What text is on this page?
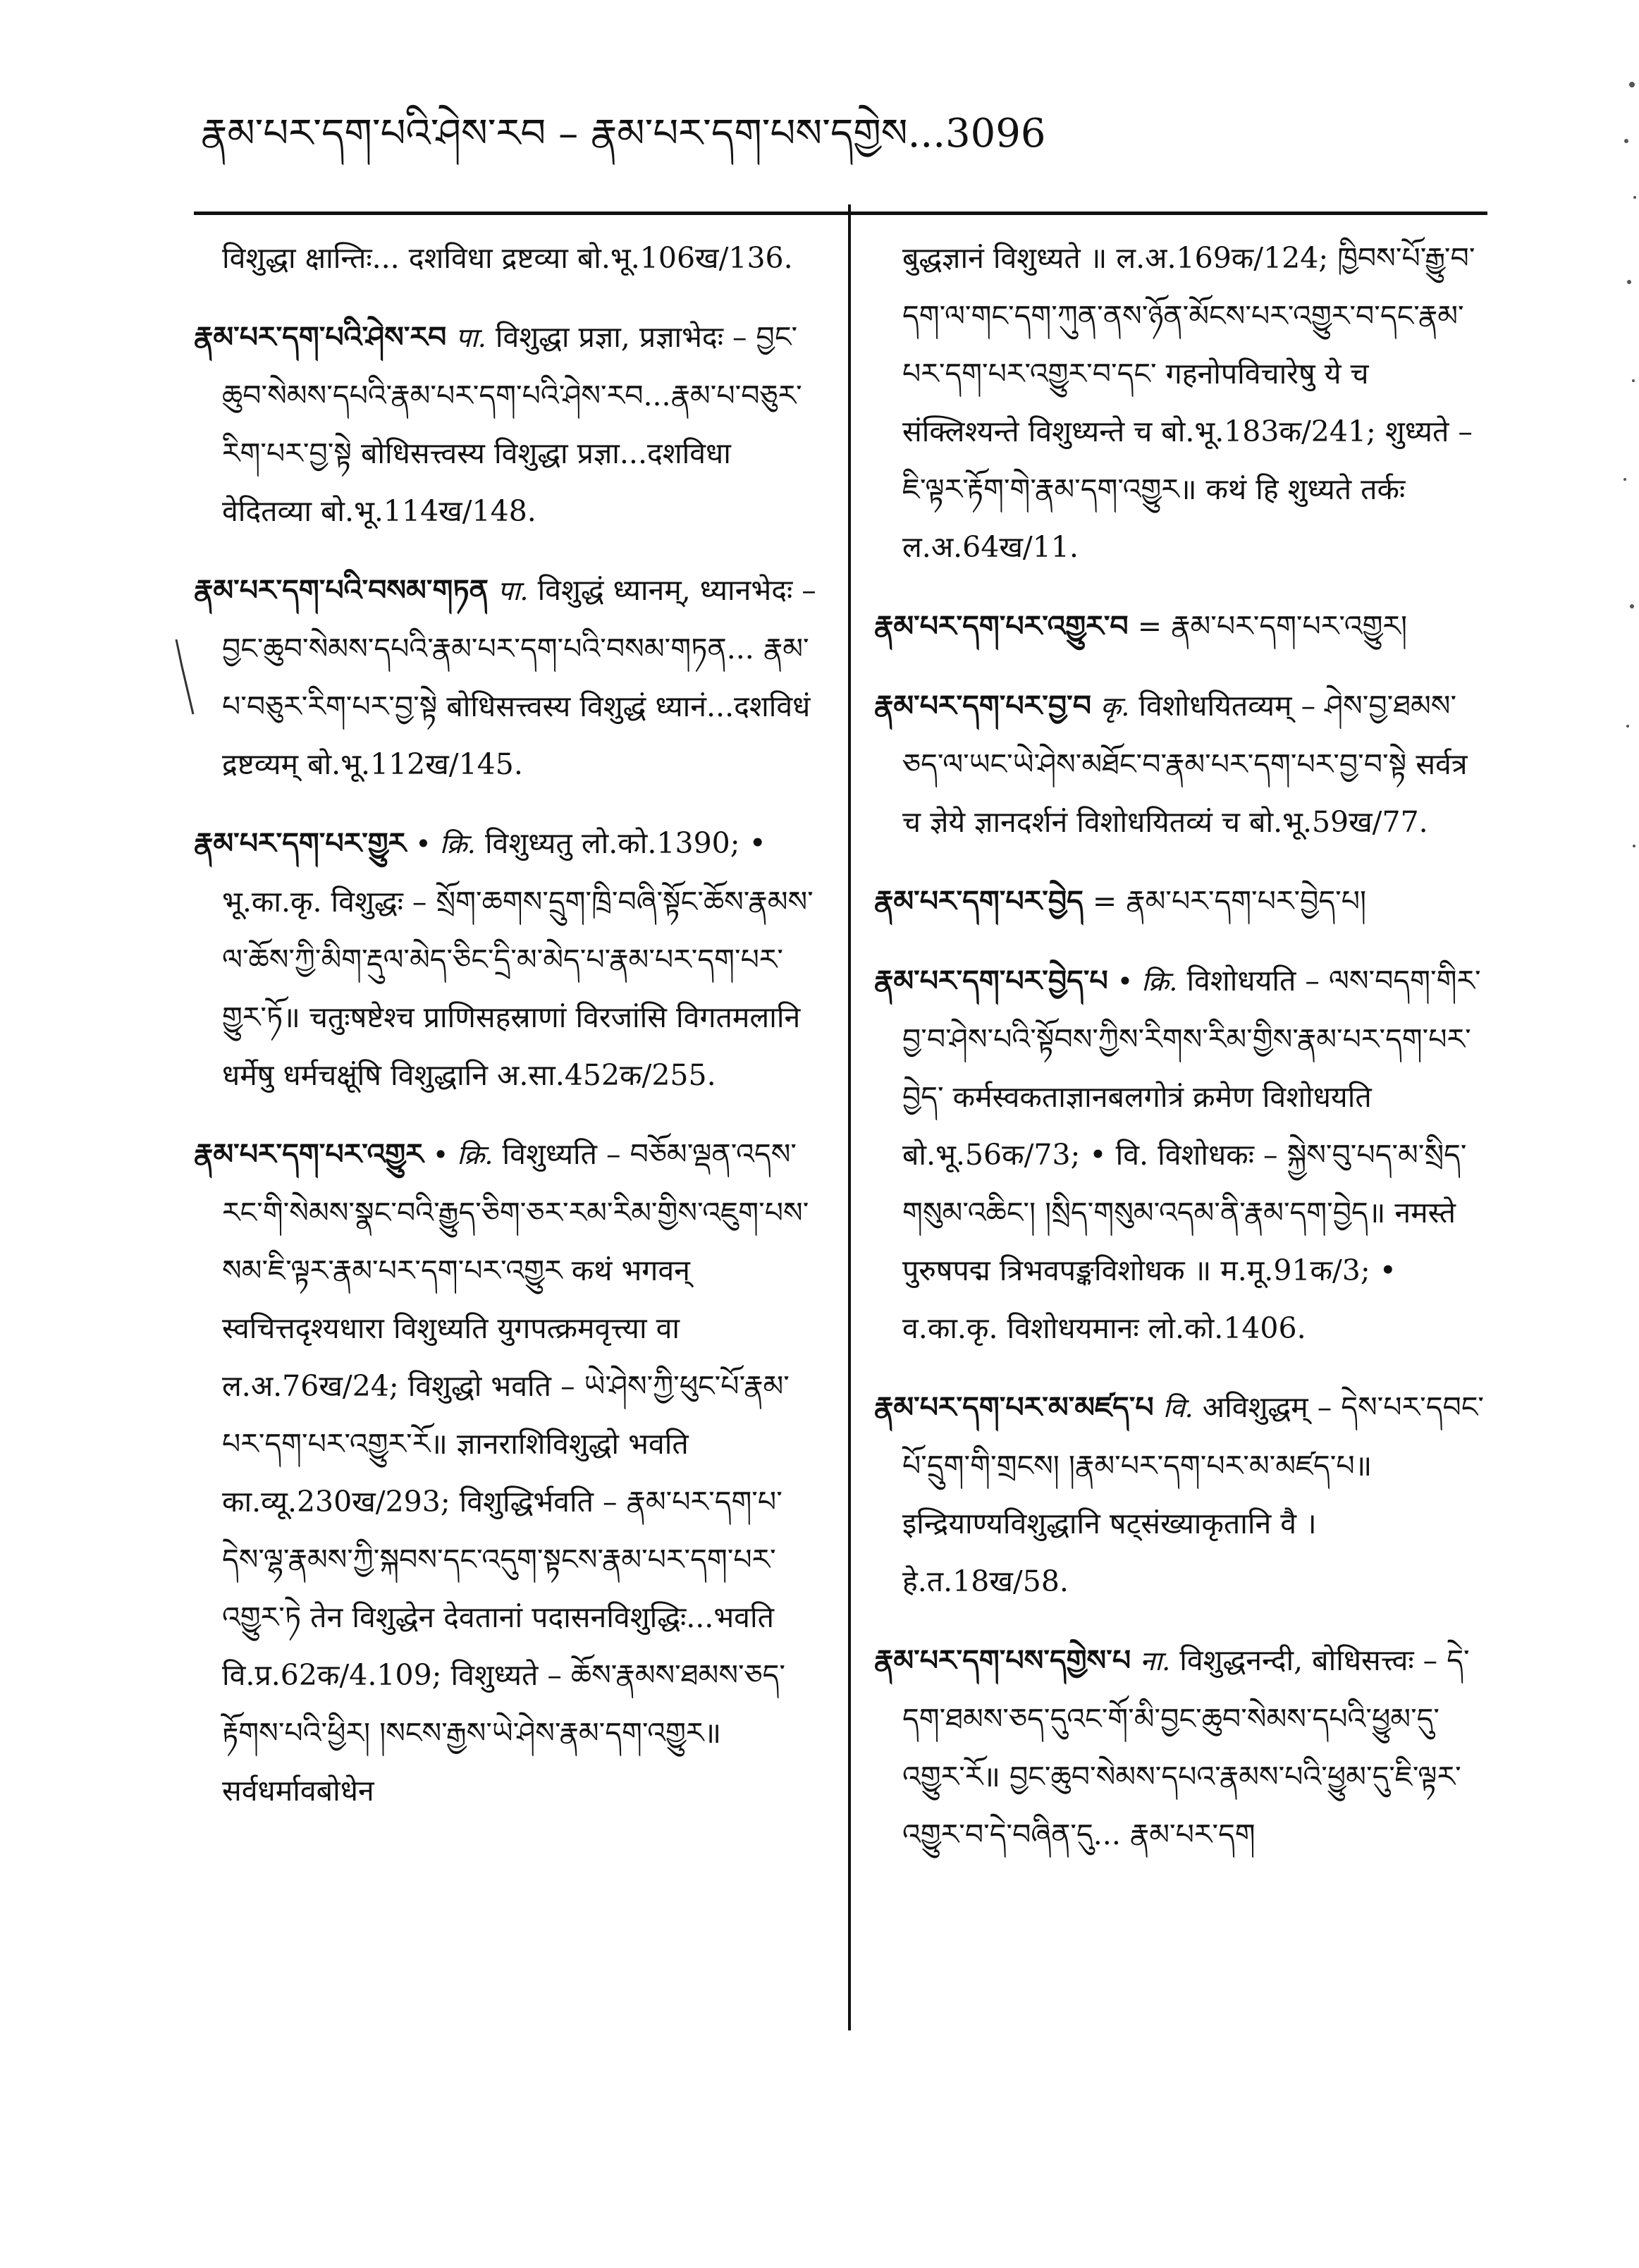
རྣམ་པར་དག་པའི་ཤེས་རབ – རྣམ་པར་དག་པས་དགྱེས...3096
विशुद्धा क्षान्तिः... दशविधा द्रष्टव्या बो.भू.106ख/136.
རྣམ་པར་དག་པའི་ཤེས་རབ पा. विशुद्धा प्रज्ञा, प्रज्ञाभेदः – བྱང་ཆུབ་སེམས་དཔའི་རྣམ་པར་དག་པའི་ཤེས་རབ...རྣམ་པ་བཅུར་རིག་པར་བྱ་སྟེ बोधिसत्त्वस्य विशुद्धा प्रज्ञा...दशविधा वेदितव्या बो.भू.114ख/148.
རྣམ་པར་དག་པའི་བསམ་གཏན पा. विशुद्धं ध्यानम्, ध्यानभेदः – བྱང་ཆུབ་སེམས་དཔའི་རྣམ་པར་དག་པའི་བསམ་གཏན... རྣམ་པ་བཅུར་རིག་པར་བྱ་སྟེ बोधिसत्त्वस्य विशुद्धं ध्यानं...दशविधं द्रष्टव्यम् बो.भू.112ख/145.
རྣམ་པར་དག་པར་གྱུར • क्रि. विशुध्यतु लो.को.1390; • भू.का.कृ. विशुद्धः – སྲོག་ཆགས་དྲུག་ཁྲི་བཞི་སྟོང་ཆོས་རྣམས་ལ་ཆོས་ཀྱི་མིག་རྡུལ་མེད་ཅིང་དྲི་མ་མེད་པ་རྣམ་པར་དག་པར་གྱུར་ཏོ॥ चतुःषष्टेश्च प्राणिसहस्राणां विरजांसि विगतमलानि धर्मेषु धर्मचक्षूंषि विशुद्धानि अ.सा.452क/255.
རྣམ་པར་དག་པར་འགྱུར • क्रि. विशुध्यति – བཅོམ་ལྡན་འདས་རང་གི་སེམས་སྣང་བའི་རྒྱུད་ཅིག་ཅར་རམ་རིམ་གྱིས་འཇུག་པས་སམ་ཇི་ལྟར་རྣམ་པར་དག་པར་འགྱུར कथं भगवन् स्वचित्तदृश्यधारा विशुध्यति युगपत्क्रमवृत्त्या वा ल.अ.76ख/24; विशुद्धो भवति – ཡེ་ཤེས་ཀྱི་ཕུང་པོ་རྣམ་པར་དག་པར་འགྱུར་རོ॥ ज्ञानराशिविशुद्धो भवति का.व्यू.230ख/293; विशुद्धिर्भवति – རྣམ་པར་དག་པ་དེས་ལྷ་རྣམས་ཀྱི་སྐབས་དང་འདུག་སྟངས་རྣམ་པར་དག་པར་འགྱུར་ཏེ तेन विशुद्धेन देवतानां पदासनविशुद्धिः...भवति वि.प्र.62क/4.109; विशुध्यते – ཆོས་རྣམས་ཐམས་ཅད་རྟོགས་པའི་ཕྱིར། །སངས་རྒྱས་ཡེ་ཤེས་རྣམ་དག་འགྱུར॥ सर्वधर्मावबोधेन
बुद्धज्ञानं विशुध्यते ॥ ल.अ.169क/124; ཁྱིབས་པོ་རྒྱུ་བ་དག་ལ་གང་དག་ཀུན་ནས་ཉོན་མོངས་པར་འགྱུར་བ་དང་རྣམ་པར་དག་པར་འགྱུར་བ་དང་ गहनोपविचारेषु ये च संक्लिश्यन्ते विशुध्यन्ते च बो.भू.183क/241; शुध्यते – ཇི་ལྟར་རྟོག་གེ་རྣམ་དག་འགྱུར॥ कथं हि शुध्यते तर्कः ल.अ.64ख/11.
རྣམ་པར་དག་པར་འགྱུར་བ = རྣམ་པར་དག་པར་འགྱུར།
རྣམ་པར་དག་པར་བྱ་བ कृ. विशोधयितव्यम् – ཤེས་བྱ་ཐམས་ཅད་ལ་ཡང་ཡེ་ཤེས་མཐོང་བ་རྣམ་པར་དག་པར་བྱ་བ་སྟེ सर्वत्र च ज्ञेये ज्ञानदर्शनं विशोधयितव्यं च बो.भू.59ख/77.
རྣམ་པར་དག་པར་བྱེད = རྣམ་པར་དག་པར་བྱེད་པ།
རྣམ་པར་དག་པར་བྱེད་པ • क्रि. विशोधयति – ལས་བདག་གིར་བྱ་བ་ཤེས་པའི་སྟོབས་ཀྱིས་རིགས་རིམ་གྱིས་རྣམ་པར་དག་པར་བྱེད་ कर्मस्वकताज्ञानबलगोत्रं क्रमेण विशोधयति बो.भू.56क/73; • वि. विशोधकः – སྐྱེས་བུ་པད་མ་སྲིད་གསུམ་འཆིང་། །སྲིད་གསུམ་འདམ་ནི་རྣམ་དག་བྱེད॥ नमस्ते पुरुषपद्म त्रिभवपङ्कविशोधक ॥ म.मू.91क/3; • व.का.कृ. विशोधयमानः लो.को.1406.
རྣམ་པར་དག་པར་མ་མཛད་པ वि. अविशुद्धम् – དེས་པར་དབང་པོ་དྲུག་གི་གྲངས། །རྣམ་པར་དག་པར་མ་མཛད་པ॥ इन्द्रियाण्यविशुद्धानि षट्संख्याकृतानि वै । हे.त.18ख/58.
རྣམ་པར་དག་པས་དགྱེས་པ ना. विशुद्धनन्दी, बोधिसत्त्वः – དེ་དག་ཐམས་ཅད་དུའང་གོ་མི་བྱང་ཆུབ་སེམས་དཔའི་ཕྱུམ་དུ་འགྱུར་རོ॥ བྱང་ཆུབ་སེམས་དཔའ་རྣམས་པའི་ཕྱུམ་དུ་ཇི་ལྟར་འགྱུར་བ་དེ་བཞིན་དུ... རྣམ་པར་དག
